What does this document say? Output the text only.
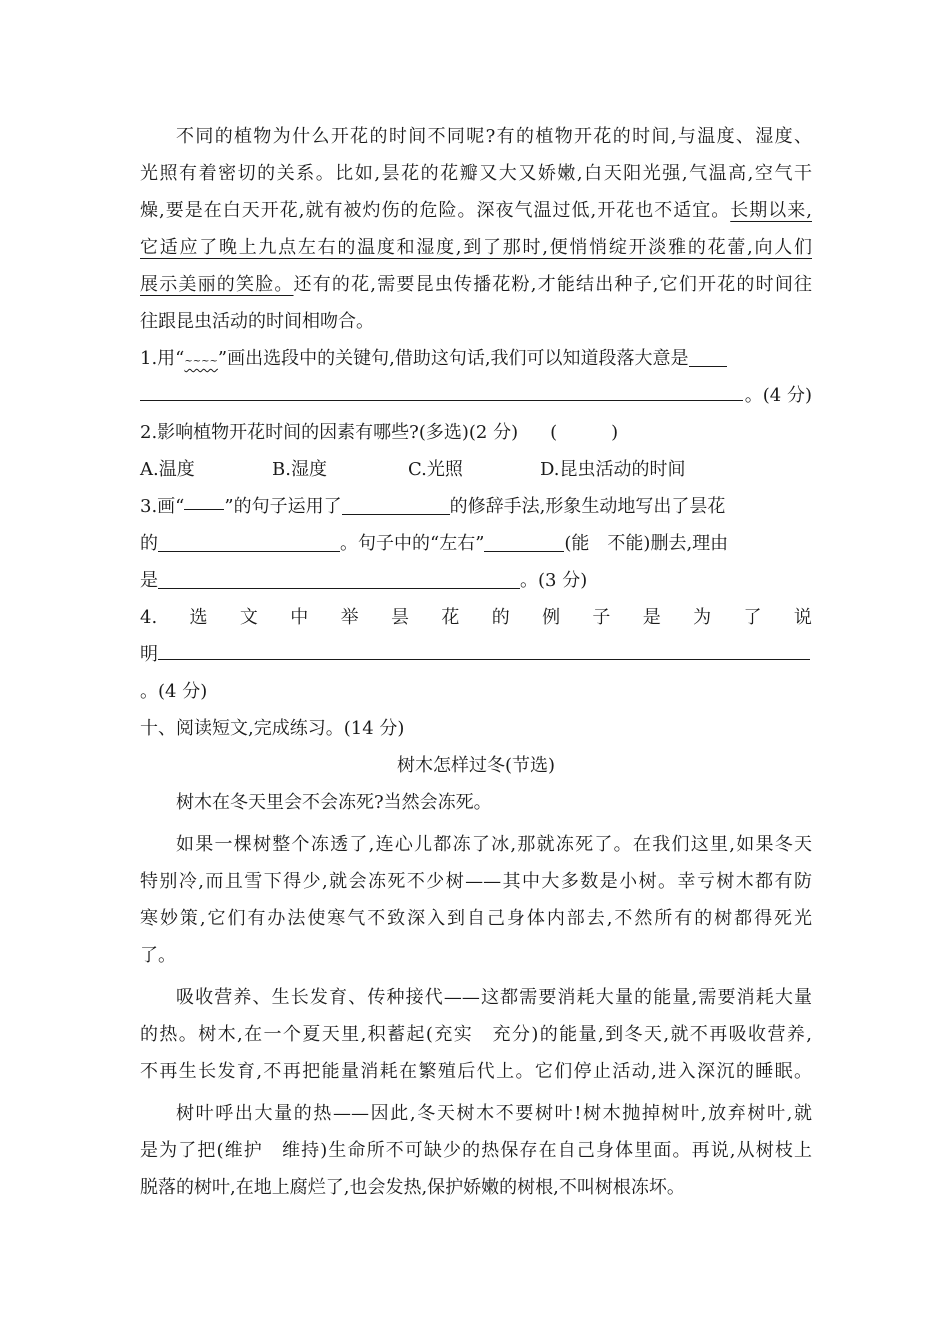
不同的植物为什么开花的时间不同呢?有的植物开花的时间,与温度、湿度、
光照有着密切的关系。比如,昙花的花瓣又大又娇嫩,白天阳光强,气温高,空气干
燥,要是在白天开花,就有被灼伤的危险。深夜气温过低,开花也不适宜。长期以来,
它适应了晚上九点左右的温度和湿度,到了那时,便悄悄绽开淡雅的花蕾,向人们
展示美丽的笑脸。还有的花,需要昆虫传播花粉,才能结出种子,它们开花的时间往
往跟昆虫活动的时间相吻合。
1.用“~~~~”画出选段中的关键句,借助这句话,我们可以知道段落大意是
。(4 分)
2.影响植物开花时间的因素有哪些?(多选)(2 分) (　　　)
A.温度	B.湿度	C.光照	D.昆虫活动的时间
3.画“ ”的句子运用了	的修辞手法,形象生动地写出了昙花
的	。句子中的“左右”	(能　不能)删去,理由
是	。(3 分)
4. 选 文 中 举 昙 花 的 例 子 是 为 了 说
明
。(4 分)
十、阅读短文,完成练习。(14 分)
树木怎样过冬(节选)
树木在冬天里会不会冻死?当然会冻死。
如果一棵树整个冻透了,连心儿都冻了冰,那就冻死了。在我们这里,如果冬天
特别冷,而且雪下得少,就会冻死不少树——其中大多数是小树。幸亏树木都有防
寒妙策,它们有办法使寒气不致深入到自己身体内部去,不然所有的树都得死光
了。
吸收营养、生长发育、传种接代——这都需要消耗大量的能量,需要消耗大量
的热。树木,在一个夏天里,积蓄起(充实　充分)的能量,到冬天,就不再吸收营养,
不再生长发育,不再把能量消耗在繁殖后代上。它们停止活动,进入深沉的睡眠。
树叶呼出大量的热——因此,冬天树木不要树叶!树木抛掉树叶,放弃树叶,就
是为了把(维护　维持)生命所不可缺少的热保存在自己身体里面。再说,从树枝上
脱落的树叶,在地上腐烂了,也会发热,保护娇嫩的树根,不叫树根冻坏。
